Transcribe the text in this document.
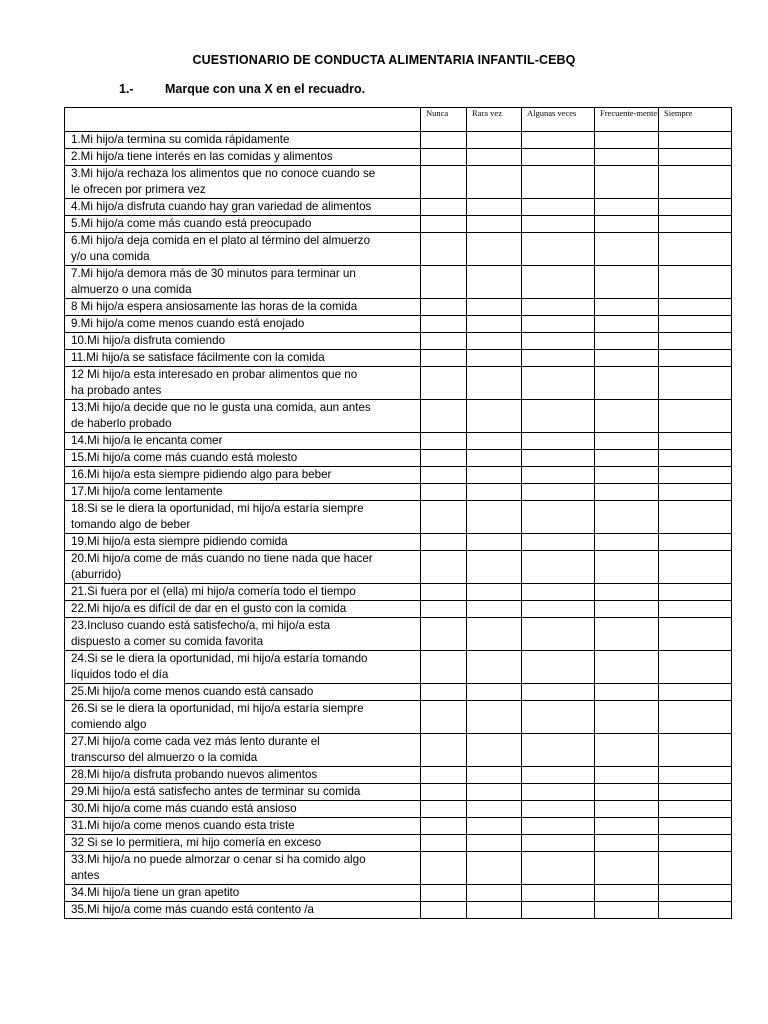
CUESTIONARIO DE CONDUCTA ALIMENTARIA INFANTIL-CEBQ
1.-	Marque con una X en el recuadro.
	Nunca	Rara vez	Algunas veces	Frecuente-mente	Siempre

1.Mi hijo/a termina su comida rápidamente					

2.Mi hijo/a tiene interés en las comidas y alimentos					

3.Mi hijo/a rechaza los alimentos que no conoce cuando se
le ofrecen por primera vez					

4.Mi hijo/a disfruta cuando hay gran variedad de alimentos					

5.Mi hijo/a come más cuando está preocupado					

6.Mi hijo/a deja comida en el plato al término del almuerzo
y/o una comida					

7.Mi hijo/a demora más de 30 minutos para terminar un
almuerzo o una comida					

8 Mi hijo/a espera ansiosamente las horas de la comida					

9.Mi hijo/a come menos cuando está enojado					

10.Mi hijo/a disfruta comiendo					

11.Mi hijo/a se satisface fácilmente con la comida					

12 Mi hijo/a esta interesado en probar alimentos que no
ha probado antes					

13.Mi hijo/a decide que no le gusta una comida, aun antes
de haberlo probado					

14.Mi hijo/a le encanta comer					

15.Mi hijo/a come más cuando está molesto					

16.Mi hijo/a esta siempre pidiendo algo para beber					

17.Mi hijo/a come lentamente					

18.Si se le diera la oportunidad, mi hijo/a estaría siempre
tomando algo de beber					

19.Mi hijo/a esta siempre pidiendo comida					

20.Mi hijo/a come de más cuando no tiene nada que hacer
(aburrido)					

21.Si fuera por el (ella) mi hijo/a comería todo el tiempo					

22.Mi hijo/a es difícil de dar en el gusto con la comida					

23.Incluso cuando está satisfecho/a, mi hijo/a esta
dispuesto a comer su comida favorita					

24.Si se le diera la oportunidad, mi hijo/a estaría tomando
líquidos todo el día					

25.Mi hijo/a come menos cuando está cansado					

26.Si se le diera la oportunidad, mi hijo/a estaría siempre
comiendo algo					

27.Mi hijo/a come cada vez más lento durante el
transcurso del almuerzo o la comida					

28.Mi hijo/a disfruta probando nuevos alimentos					

29.Mi hijo/a está satisfecho antes de terminar su comida					

30.Mi hijo/a come más cuando está ansioso					

31.Mi hijo/a come menos cuando esta triste					

32 Si se lo permitiera, mi hijo comería en exceso					

33.Mi hijo/a no puede almorzar o cenar si ha comido algo
antes					

34.Mi hijo/a tiene un gran apetito					

35.Mi hijo/a come más cuando está contento /a					
